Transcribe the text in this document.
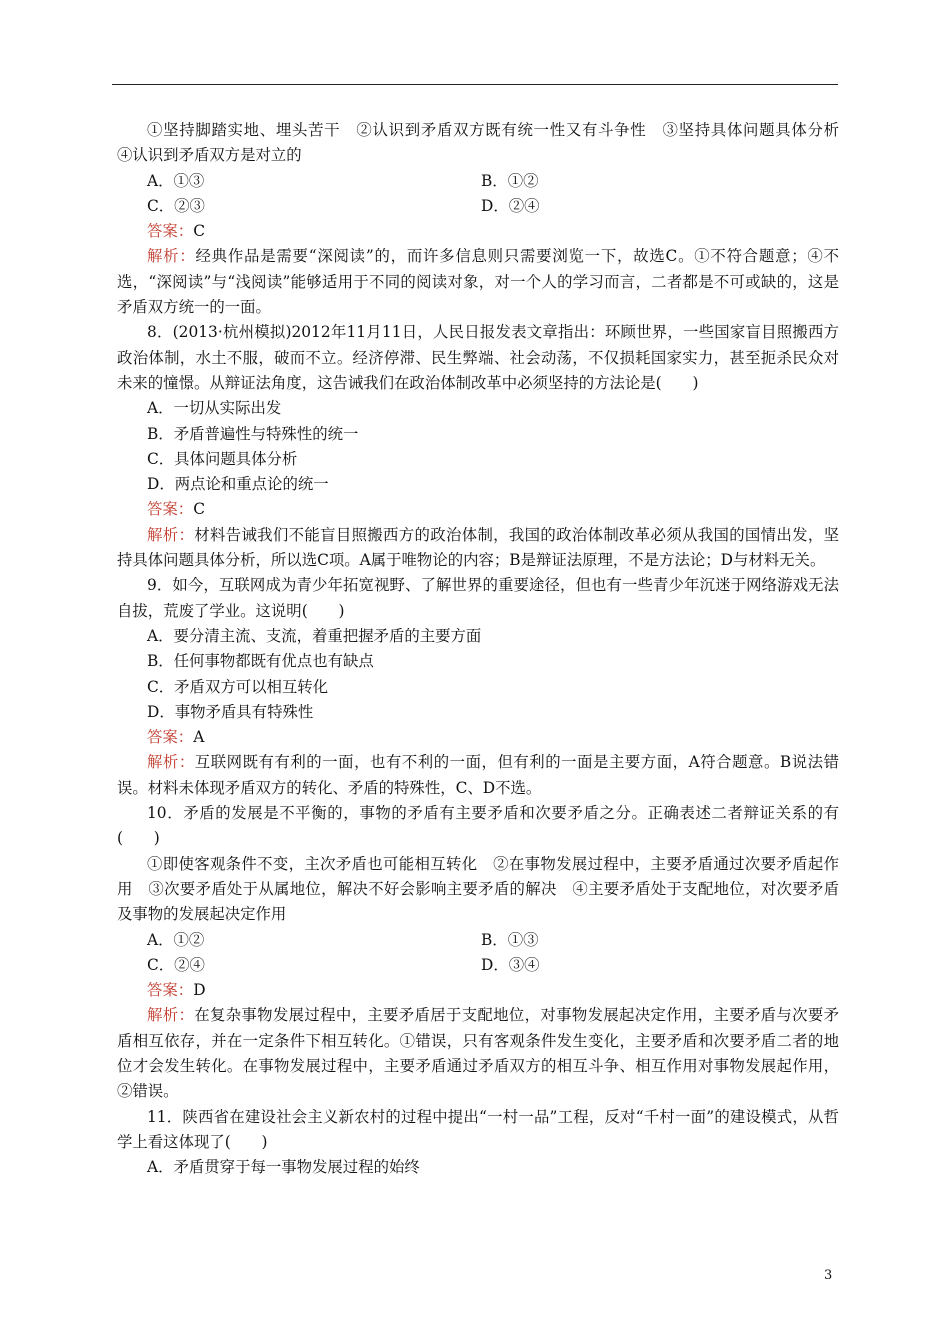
①坚持脚踏实地、埋头苦干　②认识到矛盾双方既有统一性又有斗争性　③坚持具体问题具体分析　④认识到矛盾双方是对立的
A．①③	B．①②
C．②③	D．②④
答案：C
解析：经典作品是需要“深阅读”的，而许多信息则只需要浏览一下，故选C。①不符合题意；④不选，“深阅读”与“浅阅读”能够适用于不同的阅读对象，对一个人的学习而言，二者都是不可或缺的，这是矛盾双方统一的一面。
8．(2013·杭州模拟)2012年11月11日，人民日报发表文章指出：环顾世界，一些国家盲目照搬西方政治体制，水土不服，破而不立。经济停滞、民生弊端、社会动荡，不仅损耗国家实力，甚至扼杀民众对未来的憧憬。从辩证法角度，这告诫我们在政治体制改革中必须坚持的方法论是(　　)
A．一切从实际出发
B．矛盾普遍性与特殊性的统一
C．具体问题具体分析
D．两点论和重点论的统一
答案：C
解析：材料告诫我们不能盲目照搬西方的政治体制，我国的政治体制改革必须从我国的国情出发，坚持具体问题具体分析，所以选C项。A属于唯物论的内容；B是辩证法原理，不是方法论；D与材料无关。
9．如今，互联网成为青少年拓宽视野、了解世界的重要途径，但也有一些青少年沉迷于网络游戏无法自拔，荒废了学业。这说明(　　)
A．要分清主流、支流，着重把握矛盾的主要方面
B．任何事物都既有优点也有缺点
C．矛盾双方可以相互转化
D．事物矛盾具有特殊性
答案：A
解析：互联网既有有利的一面，也有不利的一面，但有利的一面是主要方面，A符合题意。B说法错误。材料未体现矛盾双方的转化、矛盾的特殊性，C、D不选。
10．矛盾的发展是不平衡的，事物的矛盾有主要矛盾和次要矛盾之分。正确表述二者辩证关系的有(　　)
①即使客观条件不变，主次矛盾也可能相互转化　②在事物发展过程中，主要矛盾通过次要矛盾起作用　③次要矛盾处于从属地位，解决不好会影响主要矛盾的解决　④主要矛盾处于支配地位，对次要矛盾及事物的发展起决定作用
A．①②	B．①③
C．②④	D．③④
答案：D
解析：在复杂事物发展过程中，主要矛盾居于支配地位，对事物发展起决定作用，主要矛盾与次要矛盾相互依存，并在一定条件下相互转化。①错误，只有客观条件发生变化，主要矛盾和次要矛盾二者的地位才会发生转化。在事物发展过程中，主要矛盾通过矛盾双方的相互斗争、相互作用对事物发展起作用，②错误。
11．陕西省在建设社会主义新农村的过程中提出“一村一品”工程，反对“千村一面”的建设模式，从哲学上看这体现了(　　)
A．矛盾贯穿于每一事物发展过程的始终
3
